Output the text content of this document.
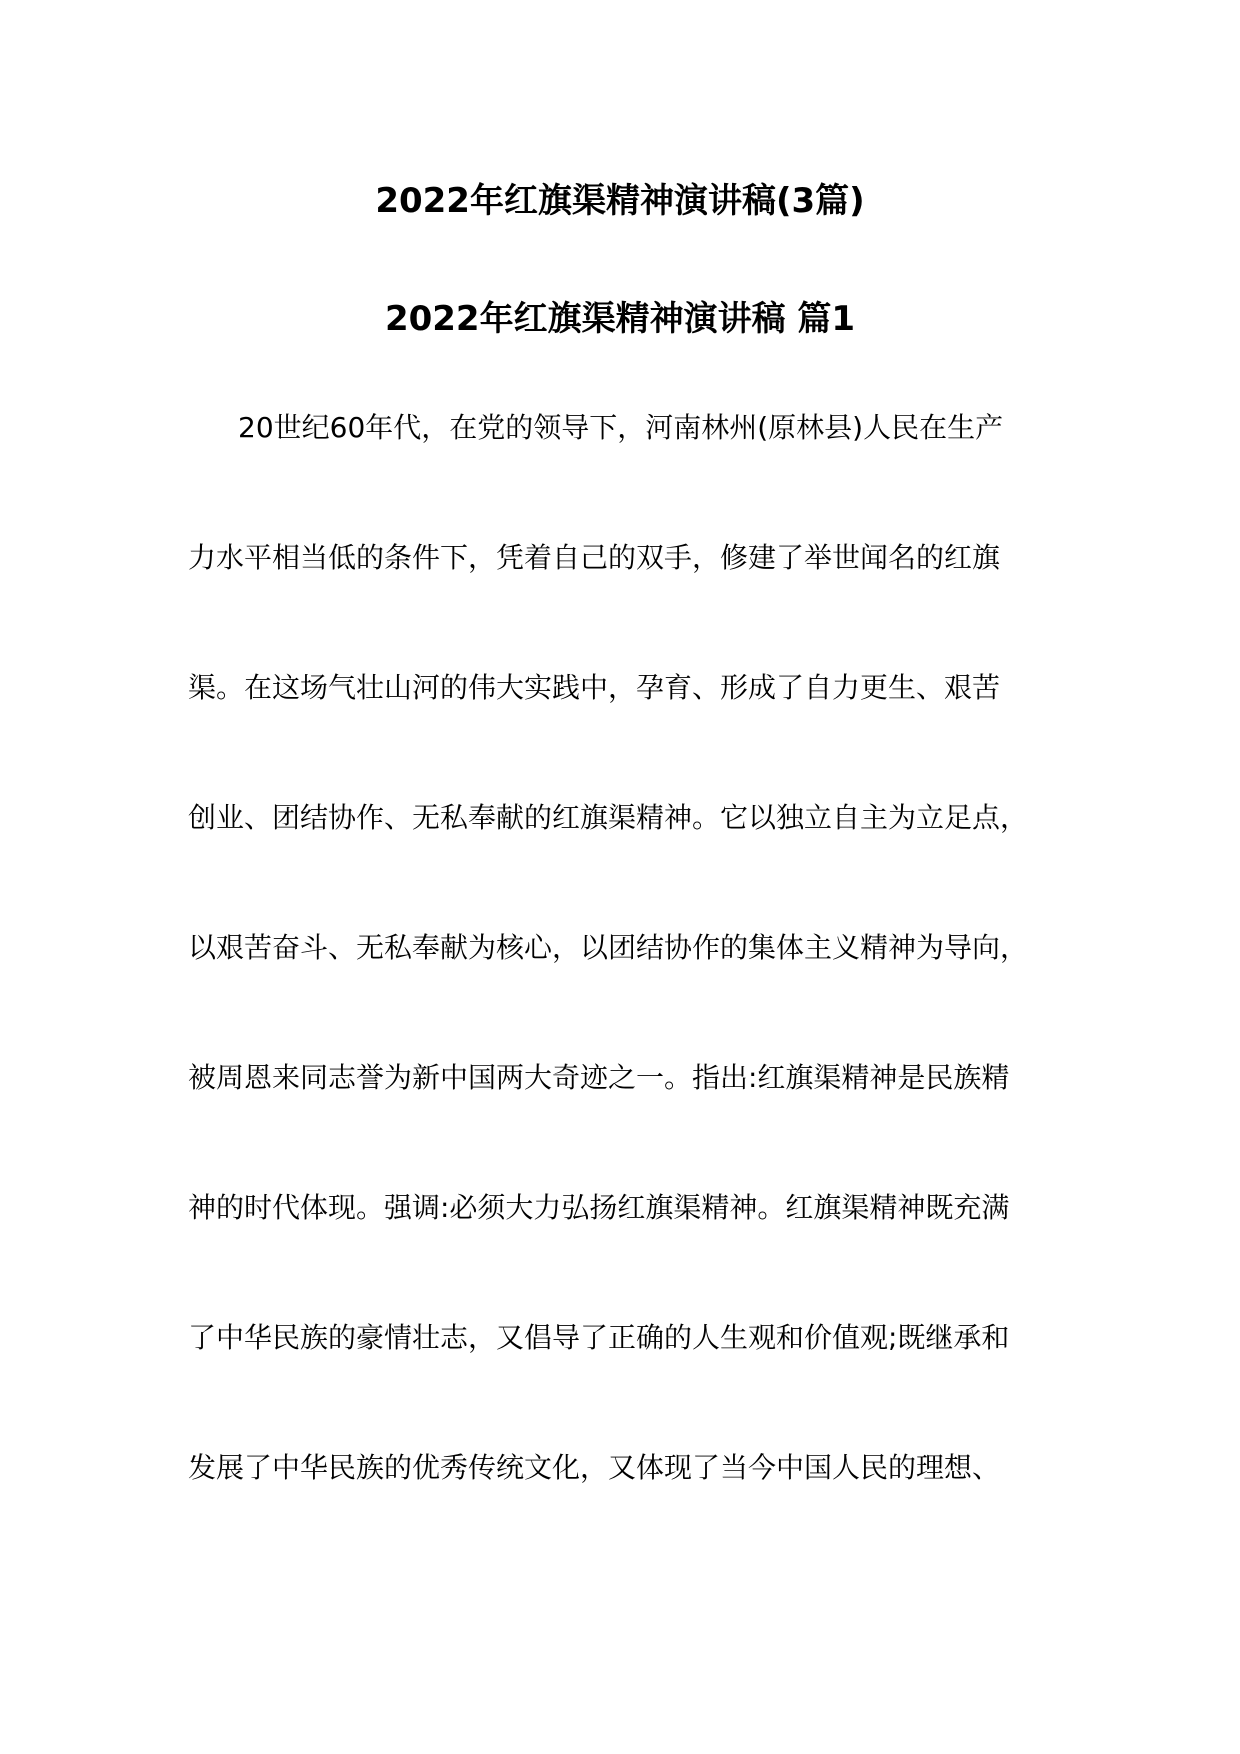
2022年红旗渠精神演讲稿(3篇)
2022年红旗渠精神演讲稿 篇1
20世纪60年代，在党的领导下，河南林州(原林县)人民在生产
力水平相当低的条件下，凭着自己的双手，修建了举世闻名的红旗
渠。在这场气壮山河的伟大实践中，孕育、形成了自力更生、艰苦
创业、团结协作、无私奉献的红旗渠精神。它以独立自主为立足点，
以艰苦奋斗、无私奉献为核心，以团结协作的集体主义精神为导向，
被周恩来同志誉为新中国两大奇迹之一。指出:红旗渠精神是民族精
神的时代体现。强调:必须大力弘扬红旗渠精神。红旗渠精神既充满
了中华民族的豪情壮志，又倡导了正确的人生观和价值观;既继承和
发展了中华民族的优秀传统文化，又体现了当今中国人民的理想、
